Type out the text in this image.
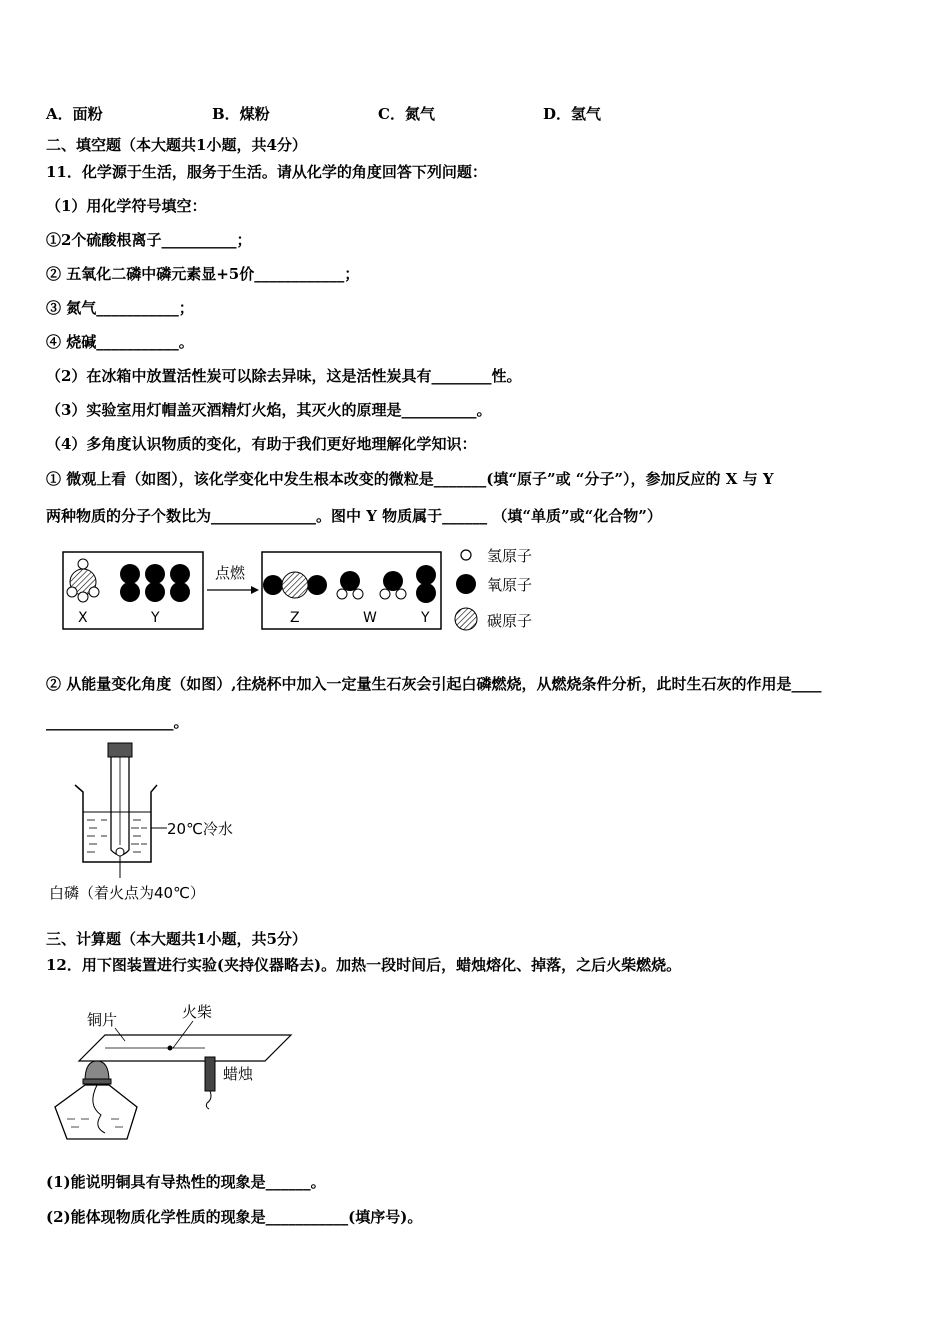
A．面粉	B．煤粉	C．氮气	D．氢气
二、填空题（本大题共1小题，共4分）
11．化学源于生活，服务于生活。请从化学的角度回答下列问题：
（1）用化学符号填空：
①2个硫酸根离子__________；
② 五氧化二磷中磷元素显+5价____________；
③ 氮气___________；
④ 烧碱___________。
（2）在冰箱中放置活性炭可以除去异味，这是活性炭具有________性。
（3）实验室用灯帽盖灭酒精灯火焰，其灭火的原理是__________。
（4）多角度认识物质的变化，有助于我们更好地理解化学知识：
① 微观上看（如图），该化学变化中发生根本改变的微粒是_______(填“原子”或 “分子”），参加反应的 X 与 Y
两种物质的分子个数比为______________。图中 Y 物质属于______ （填“单质”或“化合物”）
X	Y
点燃
Z	W	Y
氢原子
氧原子
碳原子
② 从能量变化角度（如图）,往烧杯中加入一定量生石灰会引起白磷燃烧，从燃烧条件分析，此时生石灰的作用是____
_________________。
20℃冷水
白磷（着火点为40℃）
三、计算题（本大题共1小题，共5分）
12．用下图装置进行实验(夹持仪器略去)。加热一段时间后，蜡烛熔化、掉落，之后火柴燃烧。
铜片	火柴
蜡烛
(1)能说明铜具有导热性的现象是______。
(2)能体现物质化学性质的现象是___________(填序号)。
